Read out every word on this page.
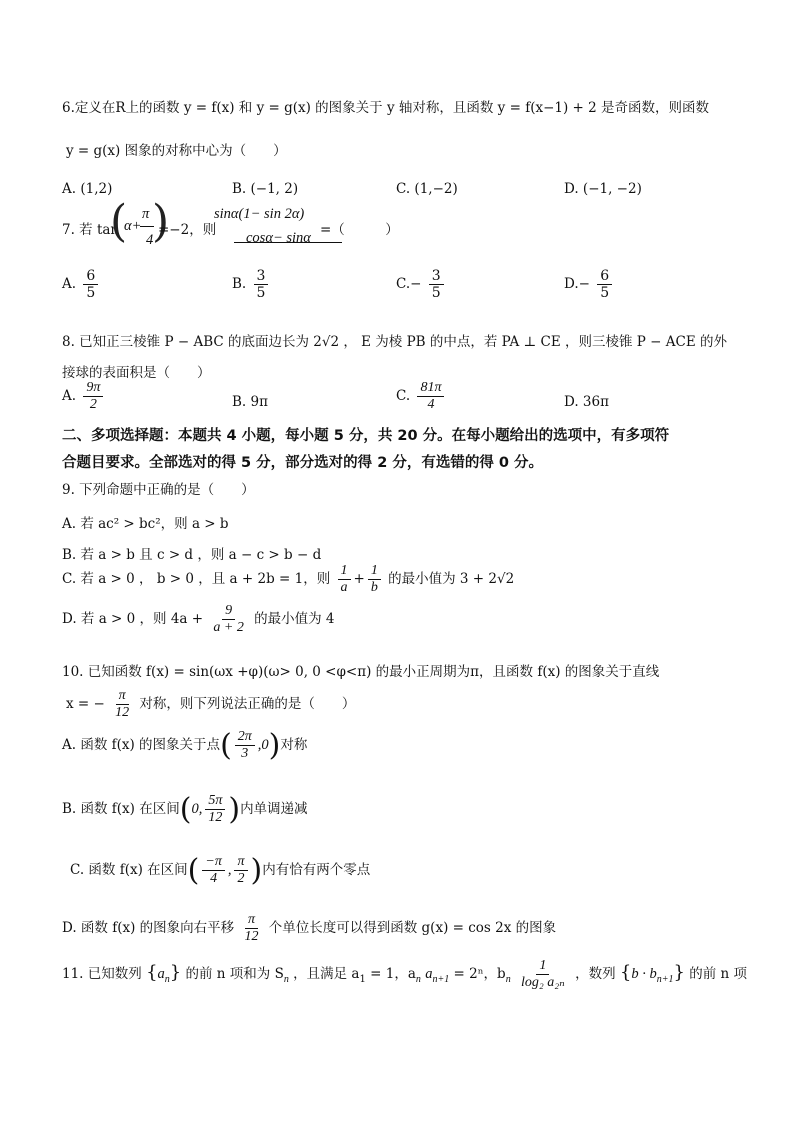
6.定义在R上的函数 y = f(x) 和 y = g(x) 的图象关于 y 轴对称，且函数 y = f(x−1) + 2 是奇函数，则函数
y = g(x) 图象的对称中心为（　　）
A. (1,2)	B. (−1, 2)	C. (1,−2)	D. (−1, −2)
7. 若 tan
(
α+
π
4
)
=−2，则
sinα(1− sin 2α)
cosα− sinα =（　　　）
A. $\frac{6}{5}$	B. $\frac{3}{5}$	$C.- \frac{3}{5}$	$D.- \frac{6}{5}$
8. 已知正三棱锥 P − ABC 的底面边长为 2√2 ， E 为棱 PB 的中点，若 PA ⊥ CE ，则三棱锥 P − ACE 的外
接球的表面积是（　　）
A. $\frac{9\pi}{2}$	B. 9π	C. $\frac{81\pi}{4}$	D. 36π
二、多项选择题：本题共 4 小题，每小题 5 分，共 20 分。在每小题给出的选项中，有多项符
合题目要求。全部选对的得 5 分，部分选对的得 2 分，有选错的得 0 分。
9. 下列命题中正确的是（　　）
A. 若 ac² > bc²，则 a > b
B. 若 a > b 且 c > d ，则 a − c > b − d
C. 若 a > 0 ， b > 0 ，且 a + 2b = 1，则 $\frac{1}{a} + \frac{1}{b}$ 的最小值为 3 + 2√2
D. 若 a > 0 ，则 $4a + \frac{9}{a + 2}$ 的最小值为 4
10. 已知函数 f(x) = sin(ωx +φ)(ω> 0, 0 <φ<π) 的最小正周期为π，且函数 f(x) 的图象关于直线
x = − $\frac{\pi}{12}$ 对称，则下列说法正确的是（　　）
A. 函数 f(x) 的图象关于点( $\frac{2\pi}{3} ,0$)对称
B. 函数 f(x) 在区间(0, $\frac{5\pi}{12}$ )内单调递减
C. 函数 f(x) 在区间( $\frac{-\pi}{4}$ , $\frac{\pi}{2}$ )内有恰有两个零点
D. 函数 f(x) 的图象向右平移 $\frac{\pi}{12}$ 个单位长度可以得到函数 g(x) = cos 2x 的图象
11. 已知数列 $\{a_n\}$ 的前 n 项和为 $S_n$ ，且满足 $a_1 = 1$，$a_n$ $a_{n+1} = 2^n$，$b_n \frac{1}{\text{log₂ a₂ₙ}}$ ，数列 $\{b \cdot b_{n+1}\}$ 的前 n 项
